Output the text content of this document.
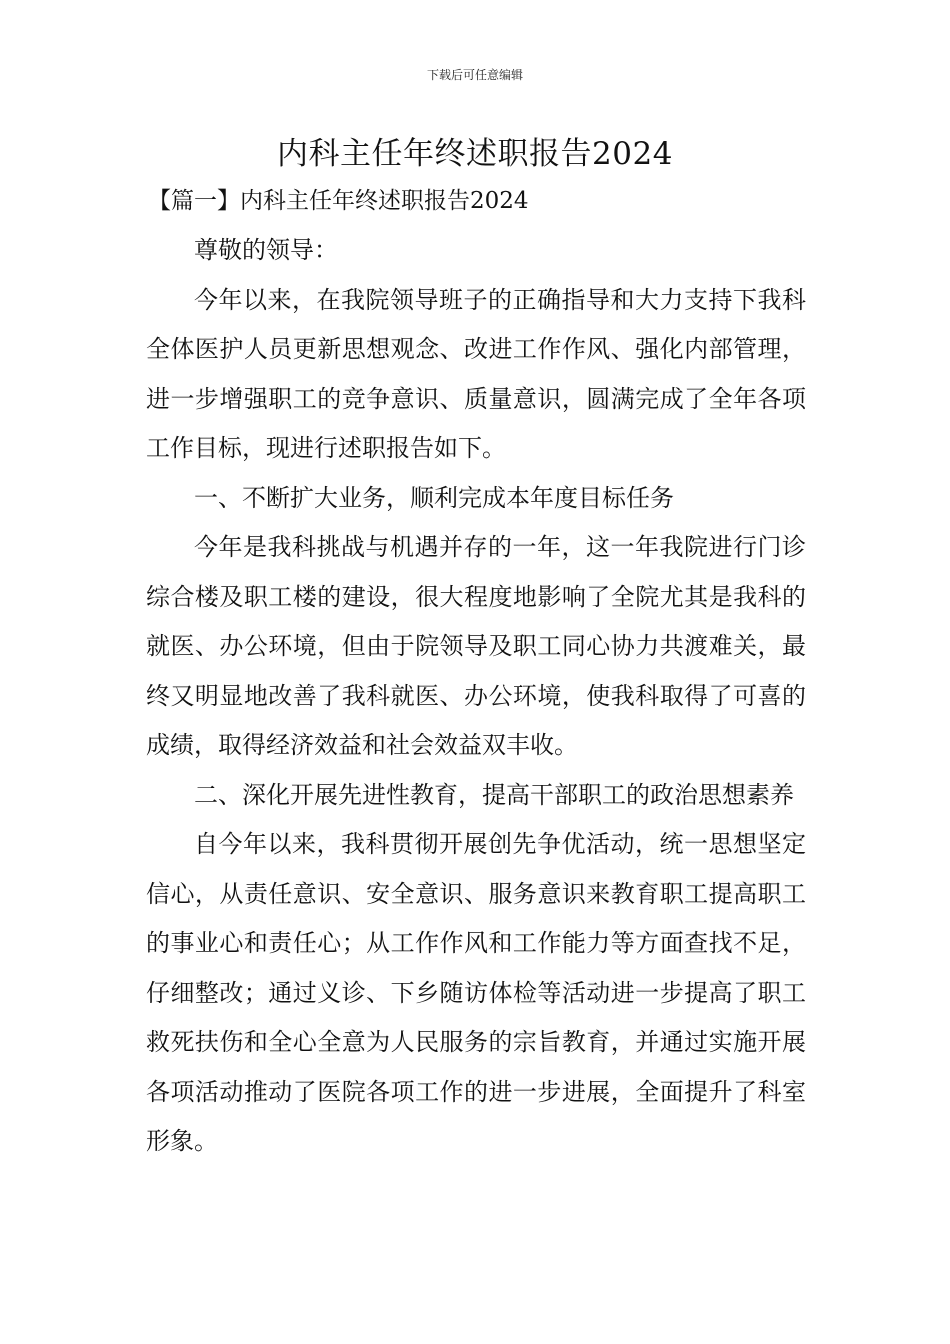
下载后可任意编辑
内科主任年终述职报告2024
【篇一】内科主任年终述职报告2024

尊敬的领导：

今年以来，在我院领导班子的正确指导和大力支持下我科全体医护人员更新思想观念、改进工作作风、强化内部管理，进一步增强职工的竞争意识、质量意识，圆满完成了全年各项工作目标，现进行述职报告如下。

一、不断扩大业务，顺利完成本年度目标任务

今年是我科挑战与机遇并存的一年，这一年我院进行门诊综合楼及职工楼的建设，很大程度地影响了全院尤其是我科的就医、办公环境，但由于院领导及职工同心协力共渡难关，最终又明显地改善了我科就医、办公环境，使我科取得了可喜的成绩，取得经济效益和社会效益双丰收。

二、深化开展先进性教育，提高干部职工的政治思想素养

自今年以来，我科贯彻开展创先争优活动，统一思想坚定信心，从责任意识、安全意识、服务意识来教育职工提高职工的事业心和责任心；从工作作风和工作能力等方面查找不足，仔细整改；通过义诊、下乡随访体检等活动进一步提高了职工救死扶伤和全心全意为人民服务的宗旨教育，并通过实施开展各项活动推动了医院各项工作的进一步进展，全面提升了科室形象。
